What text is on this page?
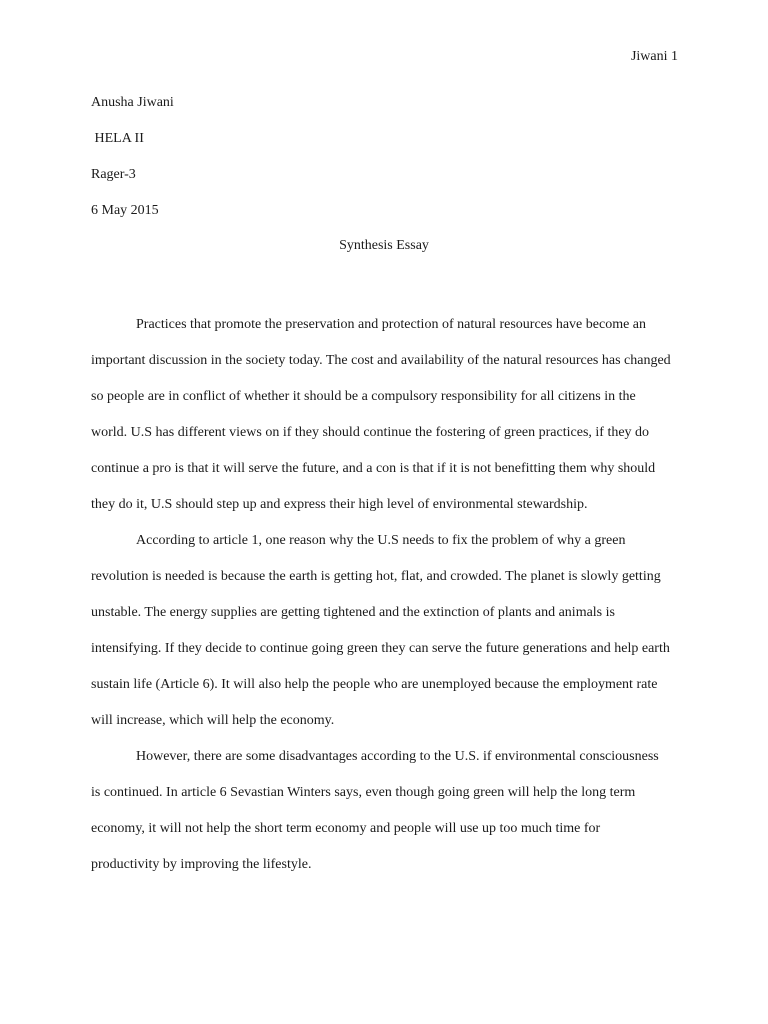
Jiwani 1
Anusha Jiwani
HELA II
Rager-3
6 May 2015
Synthesis Essay

Practices that promote the preservation and protection of natural resources have become an important discussion in the society today. The cost and availability of the natural resources has changed so people are in conflict of whether it should be a compulsory responsibility for all citizens in the world. U.S has different views on if they should continue the fostering of green practices, if they do continue a pro is that it will serve the future, and a con is that if it is not benefitting them why should they do it, U.S should step up and express their high level of environmental stewardship.

According to article 1, one reason why the U.S needs to fix the problem of why a green revolution is needed is because the earth is getting hot, flat, and crowded. The planet is slowly getting unstable. The energy supplies are getting tightened and the extinction of plants and animals is intensifying. If they decide to continue going green they can serve the future generations and help earth sustain life (Article 6). It will also help the people who are unemployed because the employment rate will increase, which will help the economy.

However, there are some disadvantages according to the U.S. if environmental consciousness is continued. In article 6 Sevastian Winters says, even though going green will help the long term economy, it will not help the short term economy and people will use up too much time for productivity by improving the lifestyle.
